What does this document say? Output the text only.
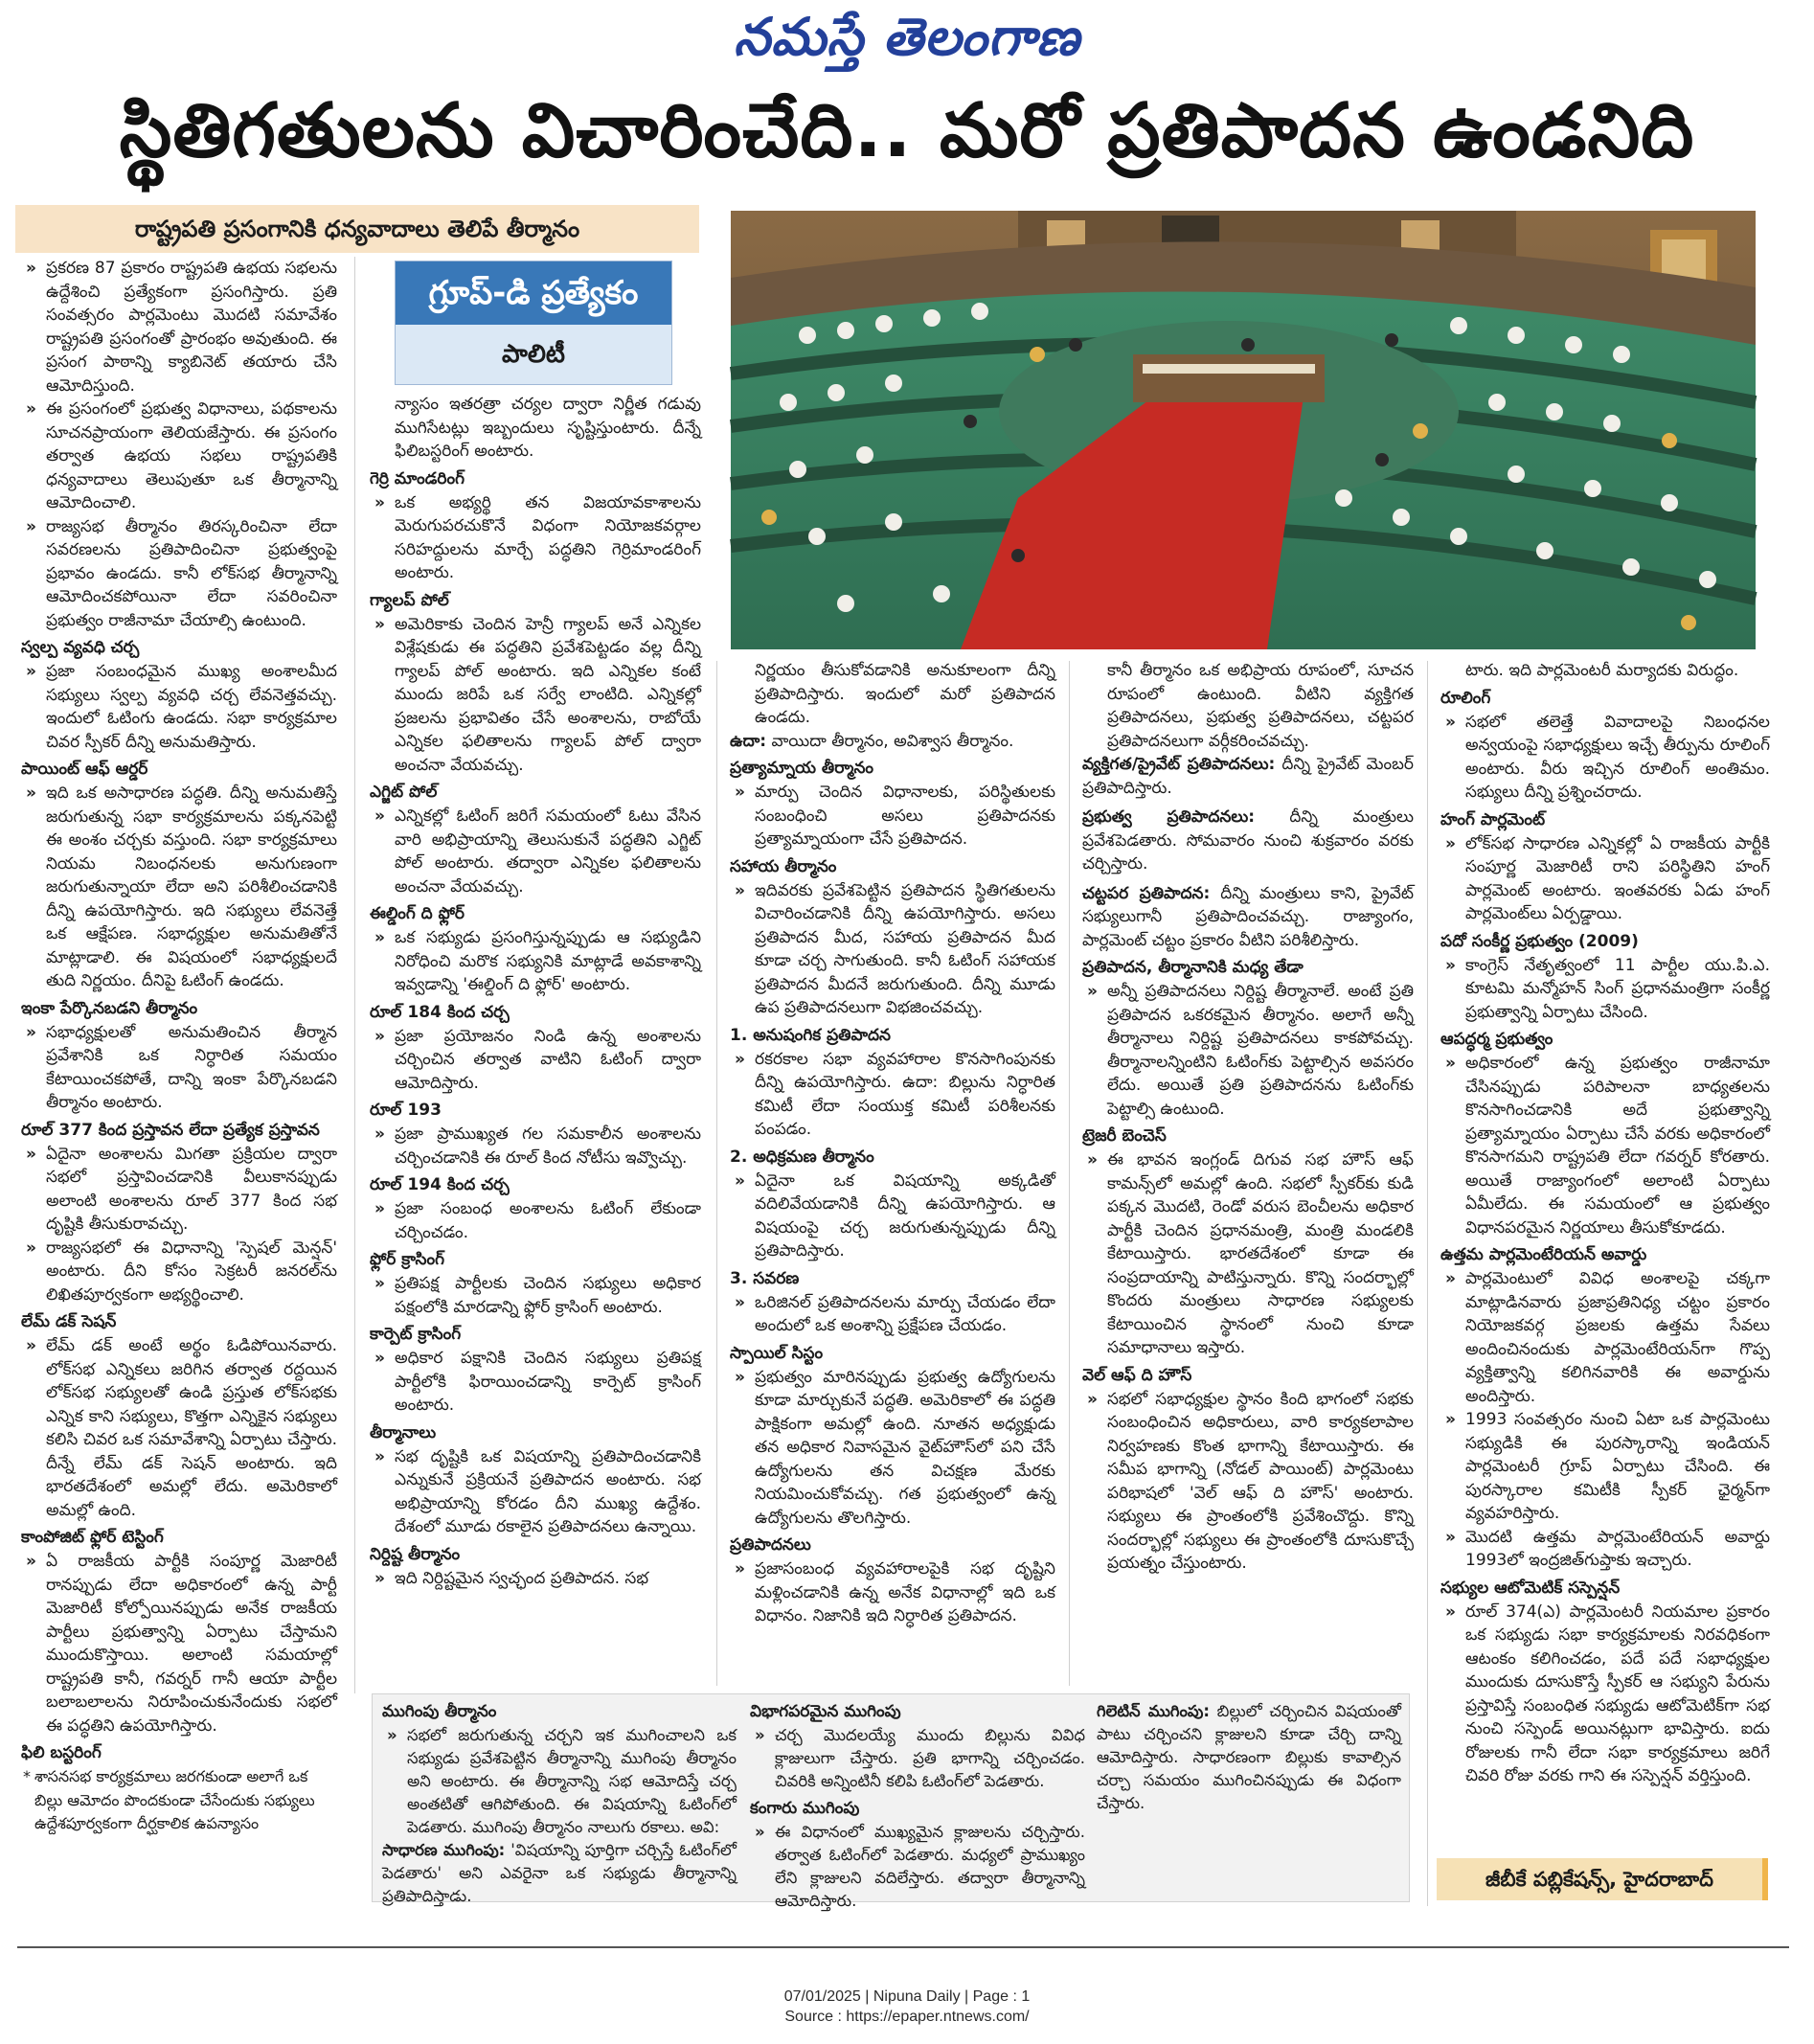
నమస్తే తెలంగాణ
స్థితిగతులను విచారించేది.. మరో ప్రతిపాదన ఉండనిది
రాష్ట్రపతి ప్రసంగానికి ధన్యవాదాలు తెలిపే తీర్మానం
గ్రూప్-డి ప్రత్యేకం
పాలిటీ
» ప్రకరణ 87 ప్రకారం రాష్ట్రపతి ఉభయ సభలను ఉద్దేశించి ప్రత్యేకంగా ప్రసంగిస్తారు. ప్రతి సంవత్సరం పార్లమెంటు మొదటి సమావేశం రాష్ట్రపతి ప్రసంగంతో ప్రారంభం అవుతుంది. ఈ ప్రసంగ పాఠాన్ని క్యాబినెట్ తయారు చేసి ఆమోదిస్తుంది.
» ఈ ప్రసంగంలో ప్రభుత్వ విధానాలు, పథకాలను సూచనప్రాయంగా తెలియజేస్తారు. ఈ ప్రసంగం తర్వాత ఉభయ సభలు రాష్ట్రపతికి ధన్యవాదాలు తెలుపుతూ ఒక తీర్మానాన్ని ఆమోదించాలి.
» రాజ్యసభ తీర్మానం తిరస్కరించినా లేదా సవరణలను ప్రతిపాదించినా ప్రభుత్వంపై ప్రభావం ఉండదు. కానీ లోక్‌సభ తీర్మానాన్ని ఆమోదించకపోయినా లేదా సవరించినా ప్రభుత్వం రాజీనామా చేయాల్సి ఉంటుంది.
స్వల్ప వ్యవధి చర్చ
» ప్రజా సంబంధమైన ముఖ్య అంశాలమీద సభ్యులు స్వల్ప వ్యవధి చర్చ లేవనెత్తవచ్చు. ఇందులో ఓటింగు ఉండదు. సభా కార్యక్రమాల చివర స్పీకర్ దీన్ని అనుమతిస్తారు.
పాయింట్ ఆఫ్ ఆర్డర్
» ఇది ఒక అసాధారణ పద్ధతి. దీన్ని అనుమతిస్తే జరుగుతున్న సభా కార్యక్రమాలను పక్కనపెట్టి ఈ అంశం చర్చకు వస్తుంది. సభా కార్యక్రమాలు నియమ నిబంధనలకు అనుగుణంగా జరుగుతున్నాయా లేదా అని పరిశీలించడానికి దీన్ని ఉపయోగిస్తారు. ఇది సభ్యులు లేవనెత్తే ఒక ఆక్షేపణ. సభాధ్యక్షుల అనుమతితోనే మాట్లాడాలి. ఈ విషయంలో సభాధ్యక్షులదే తుది నిర్ణయం. దీనిపై ఓటింగ్ ఉండదు.
ఇంకా పేర్కొనబడని తీర్మానం
» సభాధ్యక్షులతో అనుమతించిన తీర్మాన ప్రవేశానికి ఒక నిర్ధారిత సమయం కేటాయించకపోతే, దాన్ని ఇంకా పేర్కొనబడని తీర్మానం అంటారు.
రూల్ 377 కింద ప్రస్తావన లేదా ప్రత్యేక ప్రస్తావన
» ఏదైనా అంశాలను మిగతా ప్రక్రియల ద్వారా సభలో ప్రస్తావించడానికి వీలుకానప్పుడు అలాంటి అంశాలను రూల్ 377 కింద సభ దృష్టికి తీసుకురావచ్చు.
» రాజ్యసభలో ఈ విధానాన్ని 'స్పెషల్ మెన్షన్' అంటారు. దీని కోసం సెక్రటరీ జనరల్‌ను లిఖితపూర్వకంగా అభ్యర్థించాలి.
లేమ్ డక్ సెషన్
» లేమ్ డక్ అంటే అర్థం ఓడిపోయినవారు. లోక్‌సభ ఎన్నికలు జరిగిన తర్వాత రద్దయిన లోక్‌సభ సభ్యులతో ఉండి ప్రస్తుత లోక్‌సభకు ఎన్నిక కాని సభ్యులు, కొత్తగా ఎన్నికైన సభ్యులు కలిసి చివర ఒక సమావేశాన్ని ఏర్పాటు చేస్తారు. దీన్నే లేమ్ డక్ సెషన్ అంటారు. ఇది భారతదేశంలో అమల్లో లేదు. అమెరికాలో అమల్లో ఉంది.
కాంపోజిట్ ఫ్లోర్ టెస్టింగ్
» ఏ రాజకీయ పార్టీకి సంపూర్ణ మెజారిటీ రానప్పుడు లేదా అధికారంలో ఉన్న పార్టీ మెజారిటీ కోల్పోయినప్పుడు అనేక రాజకీయ పార్టీలు ప్రభుత్వాన్ని ఏర్పాటు చేస్తామని ముందుకొస్తాయి. అలాంటి సమయాల్లో రాష్ట్రపతి కానీ, గవర్నర్ గానీ ఆయా పార్టీల బలాబలాలను నిరూపించుకునేందుకు సభలో ఈ పద్ధతిని ఉపయోగిస్తారు.
ఫిలి బస్టరింగ్
* శాసనసభ కార్యక్రమాలు జరగకుండా అలాగే ఒక బిల్లు ఆమోదం పొందకుండా చేసేందుకు సభ్యులు ఉద్దేశపూర్వకంగా దీర్ఘకాలిక ఉపన్యాసం
న్యాసం ఇతరత్రా చర్యల ద్వారా నిర్ణీత గడువు ముగిసేటట్లు ఇబ్బందులు సృష్టిస్తుంటారు. దీన్నే ఫిలిబస్టరింగ్ అంటారు.
గెర్రి మాండరింగ్
» ఒక అభ్యర్థి తన విజయావకాశాలను మెరుగుపరచుకొనే విధంగా నియోజకవర్గాల సరిహద్దులను మార్చే పద్ధతిని గెర్రిమాండరింగ్ అంటారు.
గ్యాలప్ పోల్
» అమెరికాకు చెందిన హెన్రీ గ్యాలప్ అనే ఎన్నికల విశ్లేషకుడు ఈ పద్ధతిని ప్రవేశపెట్టడం వల్ల దీన్ని గ్యాలప్ పోల్ అంటారు. ఇది ఎన్నికల కంటే ముందు జరిపే ఒక సర్వే లాంటిది. ఎన్నికల్లో ప్రజలను ప్రభావితం చేసే అంశాలను, రాబోయే ఎన్నికల ఫలితాలను గ్యాలప్ పోల్ ద్వారా అంచనా వేయవచ్చు.
ఎగ్జిట్ పోల్
» ఎన్నికల్లో ఓటింగ్ జరిగే సమయంలో ఓటు వేసిన వారి అభిప్రాయాన్ని తెలుసుకునే పద్ధతిని ఎగ్జిట్ పోల్ అంటారు. తద్వారా ఎన్నికల ఫలితాలను అంచనా వేయవచ్చు.
ఈల్డింగ్ ది ఫ్లోర్
» ఒక సభ్యుడు ప్రసంగిస్తున్నప్పుడు ఆ సభ్యుడిని నిరోధించి మరొక సభ్యునికి మాట్లాడే అవకాశాన్ని ఇవ్వడాన్ని 'ఈల్డింగ్ ది ఫ్లోర్' అంటారు.
రూల్ 184 కింద చర్చ
» ప్రజా ప్రయోజనం నిండి ఉన్న అంశాలను చర్చించిన తర్వాత వాటిని ఓటింగ్ ద్వారా ఆమోదిస్తారు.
రూల్ 193
» ప్రజా ప్రాముఖ్యత గల సమకాలీన అంశాలను చర్చించడానికి ఈ రూల్ కింద నోటీసు ఇవ్వొచ్చు.
రూల్ 194 కింద చర్చ
» ప్రజా సంబంధ అంశాలను ఓటింగ్ లేకుండా చర్చించడం.
ఫ్లోర్ క్రాసింగ్
» ప్రతిపక్ష పార్టీలకు చెందిన సభ్యులు అధికార పక్షంలోకి మారడాన్ని ఫ్లోర్ క్రాసింగ్ అంటారు.
కార్పెట్ క్రాసింగ్
» అధికార పక్షానికి చెందిన సభ్యులు ప్రతిపక్ష పార్టీలోకి ఫిరాయించడాన్ని కార్పెట్ క్రాసింగ్ అంటారు.
తీర్మానాలు
» సభ దృష్టికి ఒక విషయాన్ని ప్రతిపాదించడానికి ఎన్నుకునే ప్రక్రియనే ప్రతిపాదన అంటారు. సభ అభిప్రాయాన్ని కోరడం దీని ముఖ్య ఉద్దేశం. దేశంలో మూడు రకాలైన ప్రతిపాదనలు ఉన్నాయి.
నిర్దిష్ట తీర్మానం
» ఇది నిర్దిష్టమైన స్వచ్ఛంద ప్రతిపాదన. సభ
నిర్ణయం తీసుకోవడానికి అనుకూలంగా దీన్ని ప్రతిపాదిస్తారు. ఇందులో మరో ప్రతిపాదన ఉండదు.
ఉదా: వాయిదా తీర్మానం, అవిశ్వాస తీర్మానం.
ప్రత్యామ్నాయ తీర్మానం
» మార్పు చెందిన విధానాలకు, పరిస్థితులకు సంబంధించి అసలు ప్రతిపాదనకు ప్రత్యామ్నాయంగా చేసే ప్రతిపాదన.
సహాయ తీర్మానం
» ఇదివరకు ప్రవేశపెట్టిన ప్రతిపాదన స్థితిగతులను విచారించడానికి దీన్ని ఉపయోగిస్తారు. అసలు ప్రతిపాదన మీద, సహాయ ప్రతిపాదన మీద కూడా చర్చ సాగుతుంది. కానీ ఓటింగ్ సహాయక ప్రతిపాదన మీదనే జరుగుతుంది. దీన్ని మూడు ఉప ప్రతిపాదనలుగా విభజించవచ్చు.
1. అనుషంగిక ప్రతిపాదన
» రకరకాల సభా వ్యవహారాల కొనసాగింపునకు దీన్ని ఉపయోగిస్తారు. ఉదా: బిల్లును నిర్ధారిత కమిటీ లేదా సంయుక్త కమిటీ పరిశీలనకు పంపడం.
2. అధిక్రమణ తీర్మానం
» ఏదైనా ఒక విషయాన్ని అక్కడితో వదిలివేయడానికి దీన్ని ఉపయోగిస్తారు. ఆ విషయంపై చర్చ జరుగుతున్నప్పుడు దీన్ని ప్రతిపాదిస్తారు.
3. సవరణ
» ఒరిజినల్ ప్రతిపాదనలను మార్పు చేయడం లేదా అందులో ఒక అంశాన్ని ప్రక్షేపణ చేయడం.
స్పాయిల్ సిస్టం
» ప్రభుత్వం మారినప్పుడు ప్రభుత్వ ఉద్యోగులను కూడా మార్చుకునే పద్ధతి. అమెరికాలో ఈ పద్ధతి పాక్షికంగా అమల్లో ఉంది. నూతన అధ్యక్షుడు తన అధికార నివాసమైన వైట్‌హౌస్‌లో పని చేసే ఉద్యోగులను తన విచక్షణ మేరకు నియమించుకోవచ్చు. గత ప్రభుత్వంలో ఉన్న ఉద్యోగులను తొలగిస్తారు.
ప్రతిపాదనలు
» ప్రజాసంబంధ వ్యవహారాలపైకి సభ దృష్టిని మళ్లించడానికి ఉన్న అనేక విధానాల్లో ఇది ఒక విధానం. నిజానికి ఇది నిర్ధారిత ప్రతిపాదన.
కానీ తీర్మానం ఒక అభిప్రాయ రూపంలో, సూచన రూపంలో ఉంటుంది. వీటిని వ్యక్తిగత ప్రతిపాదనలు, ప్రభుత్వ ప్రతిపాదనలు, చట్టపర ప్రతిపాదనలుగా వర్గీకరించవచ్చు.
వ్యక్తిగత/ప్రైవేట్ ప్రతిపాదనలు: దీన్ని ప్రైవేట్ మెంబర్ ప్రతిపాదిస్తారు.
ప్రభుత్వ ప్రతిపాదనలు: దీన్ని మంత్రులు ప్రవేశపెడతారు. సోమవారం నుంచి శుక్రవారం వరకు చర్చిస్తారు.
చట్టపర ప్రతిపాదన: దీన్ని మంత్రులు కాని, ప్రైవేట్ సభ్యులుగానీ ప్రతిపాదించవచ్చు. రాజ్యాంగం, పార్లమెంట్ చట్టం ప్రకారం వీటిని పరిశీలిస్తారు.
ప్రతిపాదన, తీర్మానానికి మధ్య తేడా
» అన్నీ ప్రతిపాదనలు నిర్దిష్ట తీర్మానాలే. అంటే ప్రతి ప్రతిపాదన ఒకరకమైన తీర్మానం. అలాగే అన్నీ తీర్మానాలు నిర్దిష్ట ప్రతిపాదనలు కాకపోవచ్చు. తీర్మానాలన్నింటిని ఓటింగ్‌కు పెట్టాల్సిన అవసరం లేదు. అయితే ప్రతి ప్రతిపాదనను ఓటింగ్‌కు పెట్టాల్సి ఉంటుంది.
ట్రెజరీ బెంచెస్
» ఈ భావన ఇంగ్లండ్ దిగువ సభ హౌస్ ఆఫ్ కామన్స్‌లో అమల్లో ఉంది. సభలో స్పీకర్‌కు కుడి పక్కన మొదటి, రెండో వరుస బెంచీలను అధికార పార్టీకి చెందిన ప్రధానమంత్రి, మంత్రి మండలికి కేటాయిస్తారు. భారతదేశంలో కూడా ఈ సంప్రదాయాన్ని పాటిస్తున్నారు. కొన్ని సందర్భాల్లో కొందరు మంత్రులు సాధారణ సభ్యులకు కేటాయించిన స్థానంలో నుంచి కూడా సమాధానాలు ఇస్తారు.
వెల్ ఆఫ్ ది హౌస్
» సభలో సభాధ్యక్షుల స్థానం కింది భాగంలో సభకు సంబంధించిన అధికారులు, వారి కార్యకలాపాల నిర్వహణకు కొంత భాగాన్ని కేటాయిస్తారు. ఈ సమీప భాగాన్ని (నోడల్ పాయింట్) పార్లమెంటు పరిభాషలో 'వెల్ ఆఫ్ ది హౌస్' అంటారు. సభ్యులు ఈ ప్రాంతంలోకి ప్రవేశించొద్దు. కొన్ని సందర్భాల్లో సభ్యులు ఈ ప్రాంతంలోకి దూసుకొచ్చే ప్రయత్నం చేస్తుంటారు.
టారు. ఇది పార్లమెంటరీ మర్యాదకు విరుద్ధం.
రూలింగ్
» సభలో తలెత్తే వివాదాలపై నిబంధనల అన్వయంపై సభాధ్యక్షులు ఇచ్చే తీర్పును రూలింగ్ అంటారు. వీరు ఇచ్చిన రూలింగ్ అంతిమం. సభ్యులు దీన్ని ప్రశ్నించరాదు.
హంగ్ పార్లమెంట్
» లోక్‌సభ సాధారణ ఎన్నికల్లో ఏ రాజకీయ పార్టీకి సంపూర్ణ మెజారిటీ రాని పరిస్థితిని హంగ్ పార్లమెంట్ అంటారు. ఇంతవరకు ఏడు హంగ్ పార్లమెంట్‌లు ఏర్పడ్డాయి.
పదో సంకీర్ణ ప్రభుత్వం (2009)
» కాంగ్రెస్ నేతృత్వంలో 11 పార్టీల యు.పి.ఎ. కూటమి మన్మోహన్ సింగ్ ప్రధానమంత్రిగా సంకీర్ణ ప్రభుత్వాన్ని ఏర్పాటు చేసింది.
ఆపద్ధర్మ ప్రభుత్వం
» అధికారంలో ఉన్న ప్రభుత్వం రాజీనామా చేసినప్పుడు పరిపాలనా బాధ్యతలను కొనసాగించడానికి అదే ప్రభుత్వాన్ని ప్రత్యామ్నాయం ఏర్పాటు చేసే వరకు అధికారంలో కొనసాగమని రాష్ట్రపతి లేదా గవర్నర్ కోరతారు. అయితే రాజ్యాంగంలో అలాంటి ఏర్పాటు ఏమీలేదు. ఈ సమయంలో ఆ ప్రభుత్వం విధానపరమైన నిర్ణయాలు తీసుకోకూడదు.
ఉత్తమ పార్లమెంటేరియన్ అవార్డు
» పార్లమెంటులో వివిధ అంశాలపై చక్కగా మాట్లాడినవారు ప్రజాప్రతినిధ్య చట్టం ప్రకారం నియోజకవర్గ ప్రజలకు ఉత్తమ సేవలు అందించినందుకు పార్లమెంటేరియన్‌గా గొప్ప వ్యక్తిత్వాన్ని కలిగినవారికి ఈ అవార్డును అందిస్తారు.
» 1993 సంవత్సరం నుంచి ఏటా ఒక పార్లమెంటు సభ్యుడికి ఈ పురస్కారాన్ని ఇండియన్ పార్లమెంటరీ గ్రూప్ ఏర్పాటు చేసింది. ఈ పురస్కారాల కమిటీకి స్పీకర్ ఛైర్మన్‌గా వ్యవహరిస్తారు.
» మొదటి ఉత్తమ పార్లమెంటేరియన్ అవార్డు 1993లో ఇంద్రజిత్‌గుప్తాకు ఇచ్చారు.
సభ్యుల ఆటోమెటిక్ సస్పెన్షన్
» రూల్ 374(ఎ) పార్లమెంటరీ నియమాల ప్రకారం ఒక సభ్యుడు సభా కార్యక్రమాలకు నిరవధికంగా ఆటంకం కలిగించడం, పదే పదే సభాధ్యక్షుల ముందుకు దూసుకొస్తే స్పీకర్ ఆ సభ్యుని పేరును ప్రస్తావిస్తే సంబంధిత సభ్యుడు ఆటోమెటిక్‌గా సభ నుంచి సస్పెండ్ అయినట్లుగా భావిస్తారు. ఐదు రోజులకు గానీ లేదా సభా కార్యక్రమాలు జరిగే చివరి రోజు వరకు గాని ఈ సస్పెన్షన్ వర్తిస్తుంది.
ముగింపు తీర్మానం
» సభలో జరుగుతున్న చర్చని ఇక ముగించాలని ఒక సభ్యుడు ప్రవేశపెట్టిన తీర్మానాన్ని ముగింపు తీర్మానం అని అంటారు. ఈ తీర్మానాన్ని సభ ఆమోదిస్తే చర్చ అంతటితో ఆగిపోతుంది. ఈ విషయాన్ని ఓటింగ్‌లో పెడతారు. ముగింపు తీర్మానం నాలుగు రకాలు. అవి:
సాధారణ ముగింపు: 'విషయాన్ని పూర్తిగా చర్చిస్తే ఓటింగ్‌లో పెడతారు' అని ఎవరైనా ఒక సభ్యుడు తీర్మానాన్ని ప్రతిపాదిస్తాడు.
విభాగపరమైన ముగింపు
» చర్చ మొదలయ్యే ముందు బిల్లును వివిధ క్లాజులుగా చేస్తారు. ప్రతి భాగాన్ని చర్చించడం. చివరికి అన్నింటినీ కలిపి ఓటింగ్‌లో పెడతారు.
కంగారు ముగింపు
» ఈ విధానంలో ముఖ్యమైన క్లాజులను చర్చిస్తారు. తర్వాత ఓటింగ్‌లో పెడతారు. మధ్యలో ప్రాముఖ్యం లేని క్లాజులని వదిలేస్తారు. తద్వారా తీర్మానాన్ని ఆమోదిస్తారు.
గిలెటిన్ ముగింపు: బిల్లులో చర్చించిన విషయంతో పాటు చర్చించని క్లాజులని కూడా చేర్చి దాన్ని ఆమోదిస్తారు. సాధారణంగా బిల్లుకు కావాల్సిన చర్చా సమయం ముగించినప్పుడు ఈ విధంగా చేస్తారు.
జీబీకే పబ్లికేషన్స్, హైదరాబాద్
07/01/2025 | Nipuna Daily | Page : 1
Source : https://epaper.ntnews.com/
